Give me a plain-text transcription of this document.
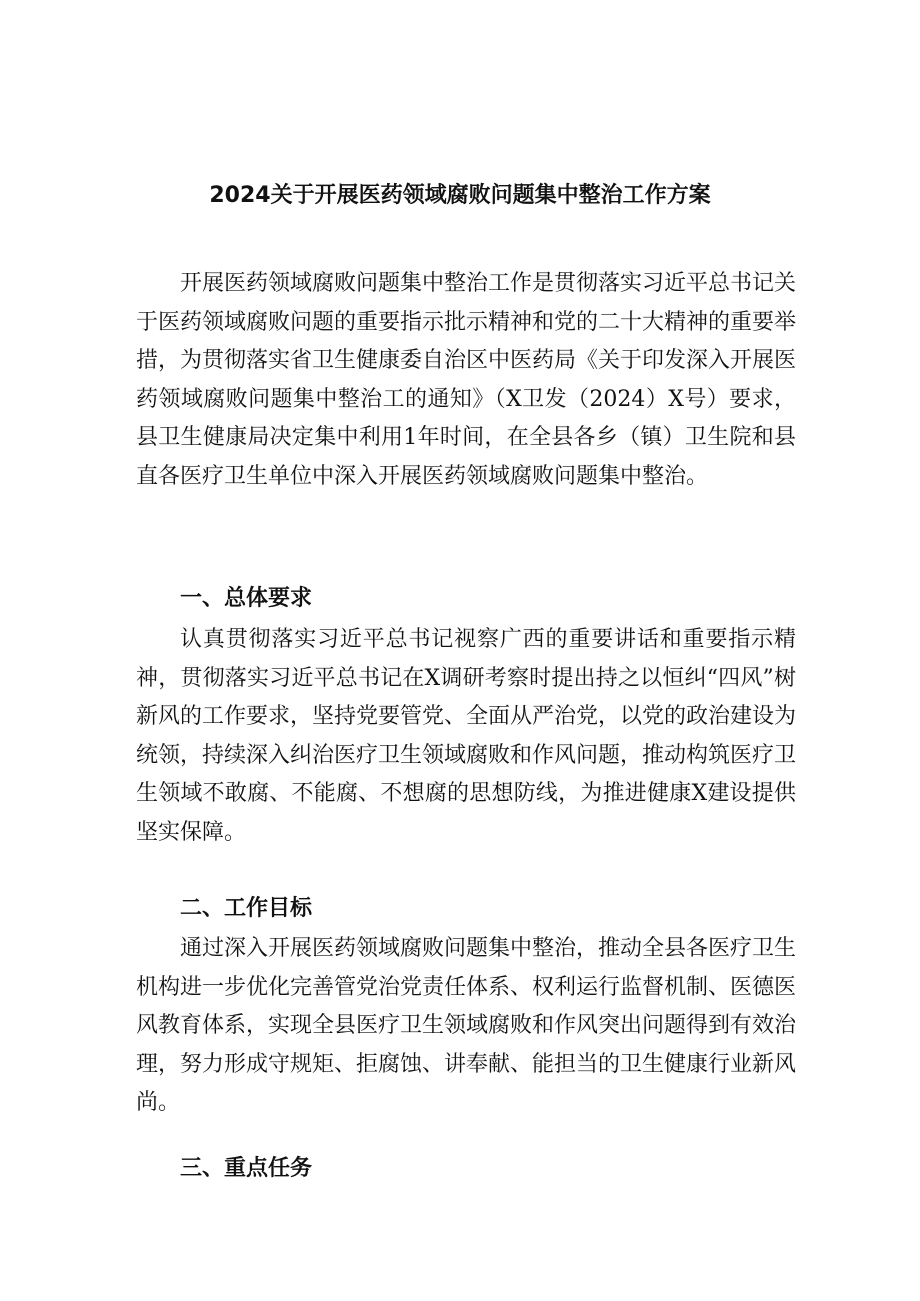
2024关于开展医药领域腐败问题集中整治工作方案

开展医药领域腐败问题集中整治工作是贯彻落实习近平总书记关于医药领域腐败问题的重要指示批示精神和党的二十大精神的重要举措，为贯彻落实省卫生健康委自治区中医药局《关于印发深入开展医药领域腐败问题集中整治工的通知》（X卫发（2024）X号）要求，县卫生健康局决定集中利用1年时间，在全县各乡（镇）卫生院和县直各医疗卫生单位中深入开展医药领域腐败问题集中整治。

一、总体要求

认真贯彻落实习近平总书记视察广西的重要讲话和重要指示精神，贯彻落实习近平总书记在X调研考察时提出持之以恒纠“四风”树新风的工作要求，坚持党要管党、全面从严治党，以党的政治建设为统领，持续深入纠治医疗卫生领域腐败和作风问题，推动构筑医疗卫生领域不敢腐、不能腐、不想腐的思想防线，为推进健康X建设提供坚实保障。

二、工作目标

通过深入开展医药领域腐败问题集中整治，推动全县各医疗卫生机构进一步优化完善管党治党责任体系、权利运行监督机制、医德医风教育体系，实现全县医疗卫生领域腐败和作风突出问题得到有效治理，努力形成守规矩、拒腐蚀、讲奉献、能担当的卫生健康行业新风尚。

三、重点任务
